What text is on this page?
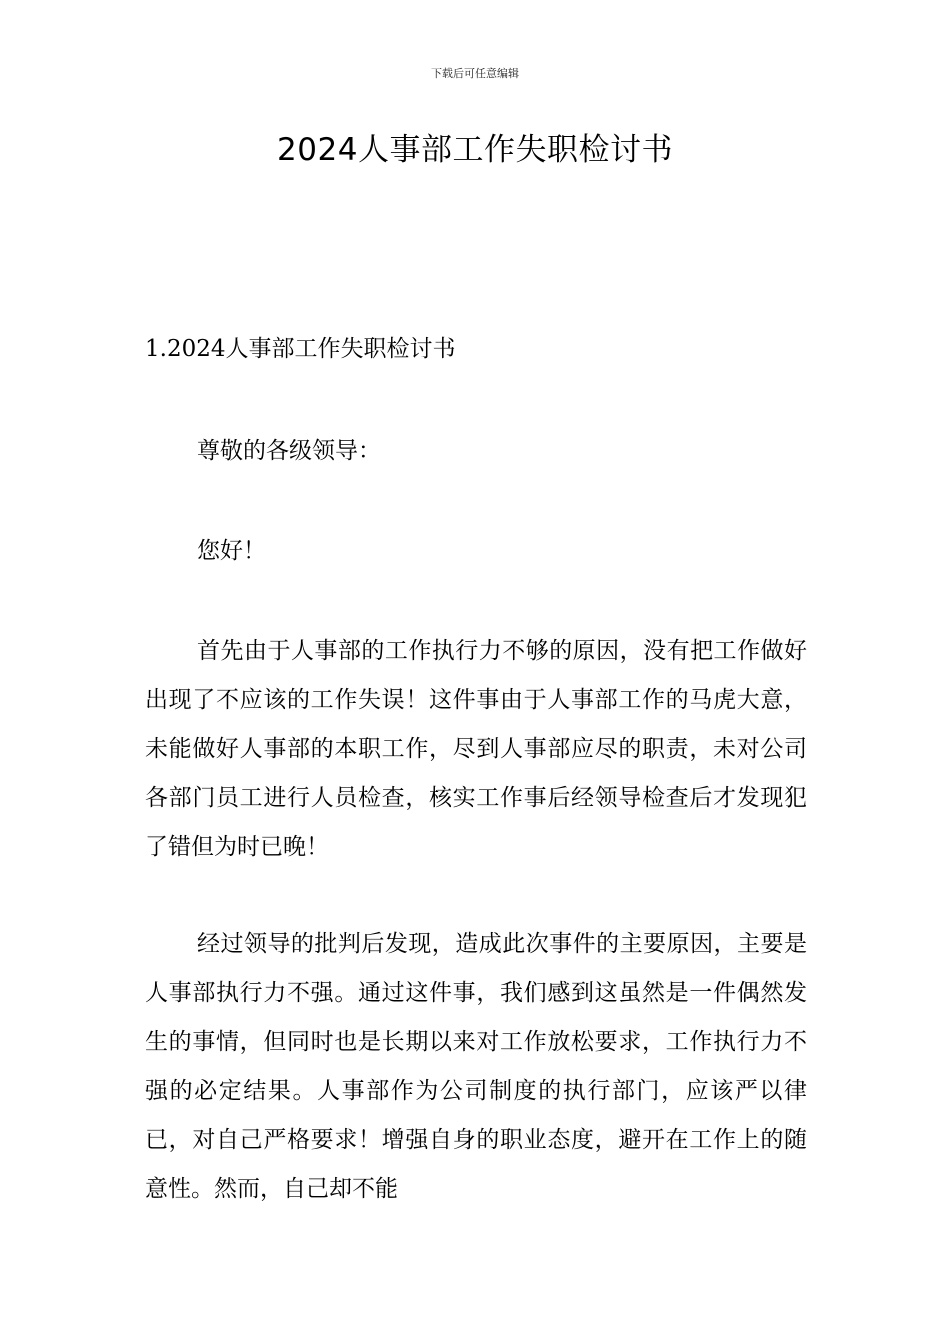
下载后可任意编辑
2024人事部工作失职检讨书
1.2024人事部工作失职检讨书

尊敬的各级领导：

您好！

首先由于人事部的工作执行力不够的原因，没有把工作做好出现了不应该的工作失误！这件事由于人事部工作的马虎大意，未能做好人事部的本职工作，尽到人事部应尽的职责，未对公司各部门员工进行人员检查，核实工作事后经领导检查后才发现犯了错但为时已晚！

经过领导的批判后发现，造成此次事件的主要原因，主要是人事部执行力不强。通过这件事，我们感到这虽然是一件偶然发生的事情，但同时也是长期以来对工作放松要求，工作执行力不强的必定结果。人事部作为公司制度的执行部门，应该严以律已，对自己严格要求！增强自身的职业态度，避开在工作上的随意性。然而，自己却不能
